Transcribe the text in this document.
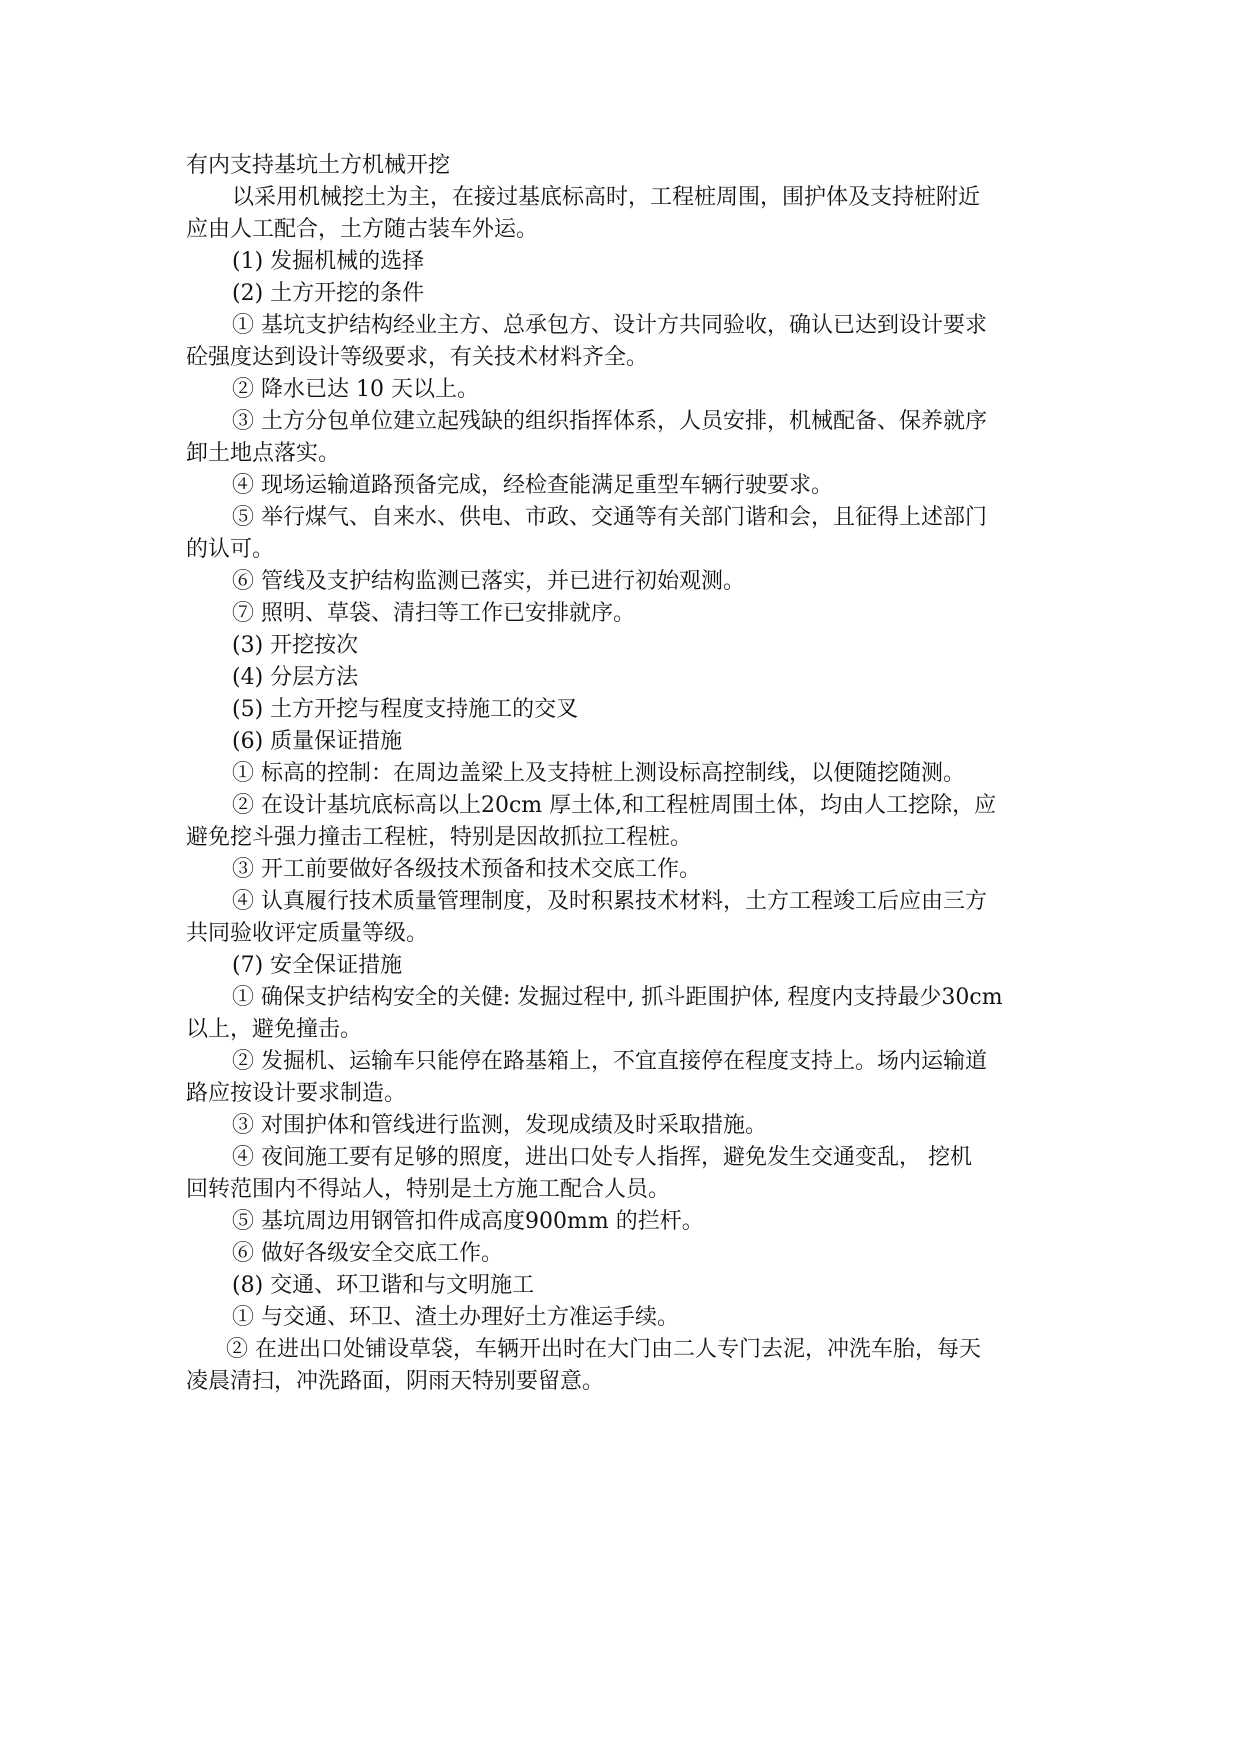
有内支持基坑土方机械开挖
以采用机械挖土为主，在接过基底标高时，工程桩周围，围护体及支持桩附近
应由人工配合，土方随古装车外运。
(1) 发掘机械的选择
(2) 土方开挖的条件
① 基坑支护结构经业主方、总承包方、设计方共同验收，确认已达到设计要求
砼强度达到设计等级要求，有关技术材料齐全。
② 降水已达 10 天以上。
③ 土方分包单位建立起残缺的组织指挥体系，人员安排，机械配备、保养就序
卸土地点落实。
④ 现场运输道路预备完成，经检查能满足重型车辆行驶要求。
⑤ 举行煤气、自来水、供电、市政、交通等有关部门谐和会，且征得上述部门
的认可。
⑥ 管线及支护结构监测已落实，并已进行初始观测。
⑦ 照明、草袋、清扫等工作已安排就序。
(3) 开挖按次
(4) 分层方法
(5) 土方开挖与程度支持施工的交叉
(6) 质量保证措施
① 标高的控制：在周边盖梁上及支持桩上测设标高控制线，以便随挖随测。
② 在设计基坑底标高以上20cm 厚土体,和工程桩周围土体，均由人工挖除，应
避免挖斗强力撞击工程桩，特别是因故抓拉工程桩。
③ 开工前要做好各级技术预备和技术交底工作。
④ 认真履行技术质量管理制度，及时积累技术材料，土方工程竣工后应由三方
共同验收评定质量等级。
(7) 安全保证措施
① 确保支护结构安全的关健: 发掘过程中, 抓斗距围护体, 程度内支持最少30cm
以上，避免撞击。
② 发掘机、运输车只能停在路基箱上，不宜直接停在程度支持上。场内运输道
路应按设计要求制造。
③ 对围护体和管线进行监测，发现成绩及时采取措施。
④ 夜间施工要有足够的照度，进出口处专人指挥，避免发生交通变乱， 挖机
回转范围内不得站人，特别是土方施工配合人员。
⑤ 基坑周边用钢管扣件成高度900mm 的拦杆。
⑥ 做好各级安全交底工作。
(8) 交通、环卫谐和与文明施工
① 与交通、环卫、渣土办理好土方准运手续。
② 在进出口处铺设草袋，车辆开出时在大门由二人专门去泥，冲洗车胎，每天
凌晨清扫，冲洗路面，阴雨天特别要留意。
